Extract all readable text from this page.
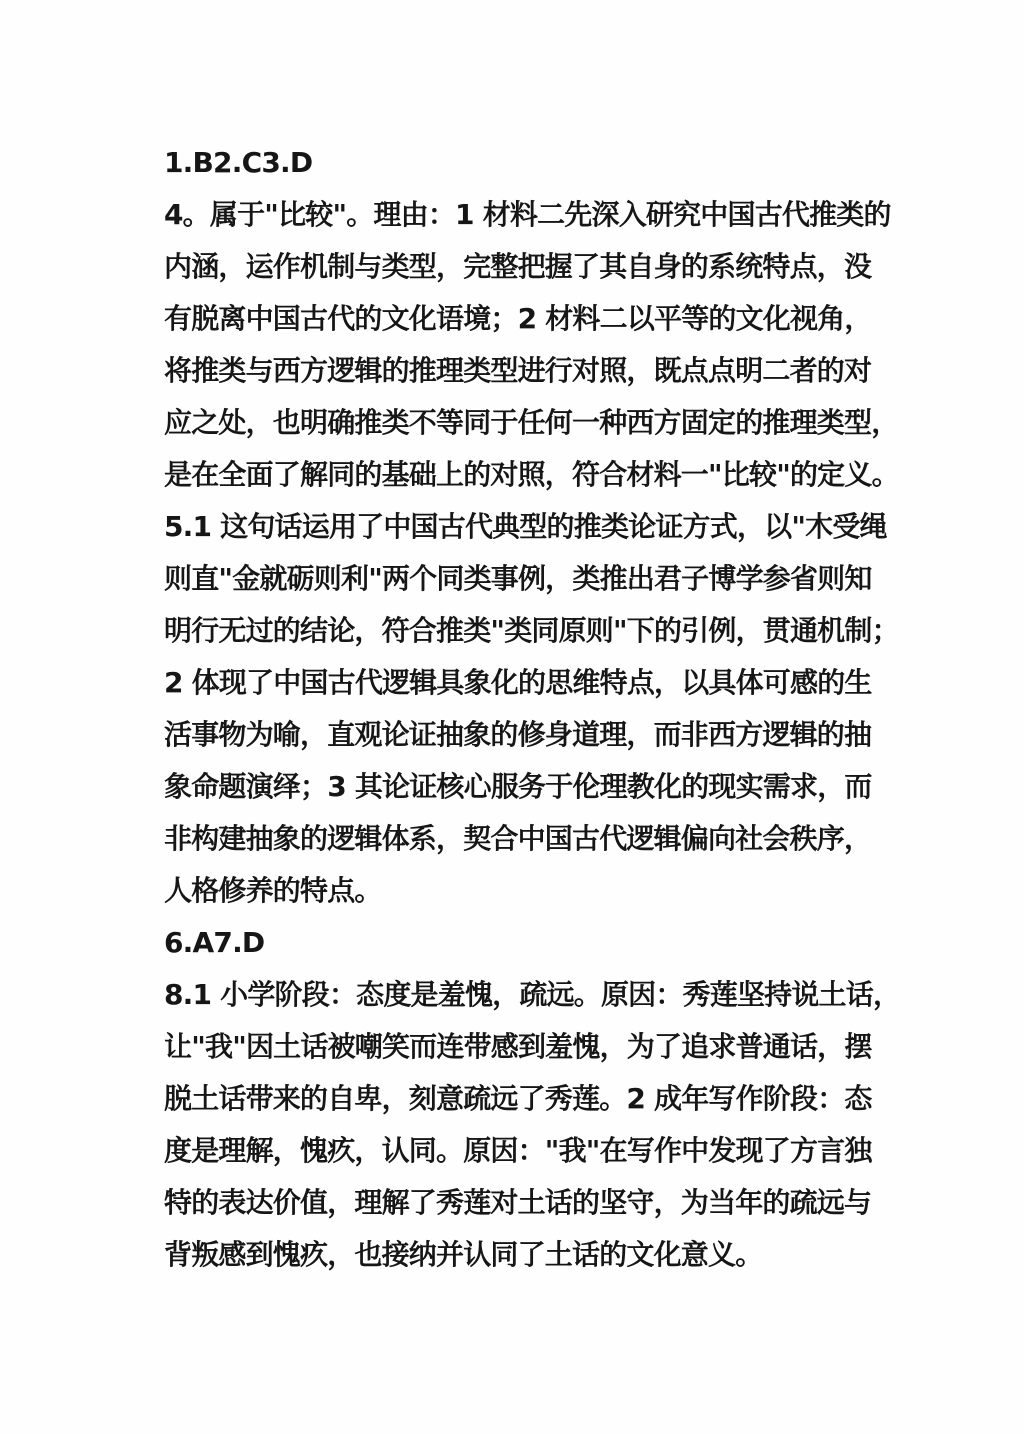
1.B2.C3.D
4。属于"比较"。理由：1 材料二先深入研究中国古代推类的
内涵，运作机制与类型，完整把握了其自身的系统特点，没
有脱离中国古代的文化语境；2 材料二以平等的文化视角，
将推类与西方逻辑的推理类型进行对照，既点点明二者的对
应之处，也明确推类不等同于任何一种西方固定的推理类型，
是在全面了解同的基础上的对照，符合材料一"比较"的定义。
5.1 这句话运用了中国古代典型的推类论证方式，以"木受绳
则直"金就砺则利"两个同类事例，类推出君子博学参省则知
明行无过的结论，符合推类"类同原则"下的引例，贯通机制；
2 体现了中国古代逻辑具象化的思维特点，以具体可感的生
活事物为喻，直观论证抽象的修身道理，而非西方逻辑的抽
象命题演绎；3 其论证核心服务于伦理教化的现实需求，而
非构建抽象的逻辑体系，契合中国古代逻辑偏向社会秩序，
人格修养的特点。
6.A7.D
8.1 小学阶段：态度是羞愧，疏远。原因：秀莲坚持说土话，
让"我"因土话被嘲笑而连带感到羞愧，为了追求普通话，摆
脱土话带来的自卑，刻意疏远了秀莲。2 成年写作阶段：态
度是理解，愧疚，认同。原因："我"在写作中发现了方言独
特的表达价值，理解了秀莲对土话的坚守，为当年的疏远与
背叛感到愧疚，也接纳并认同了土话的文化意义。
